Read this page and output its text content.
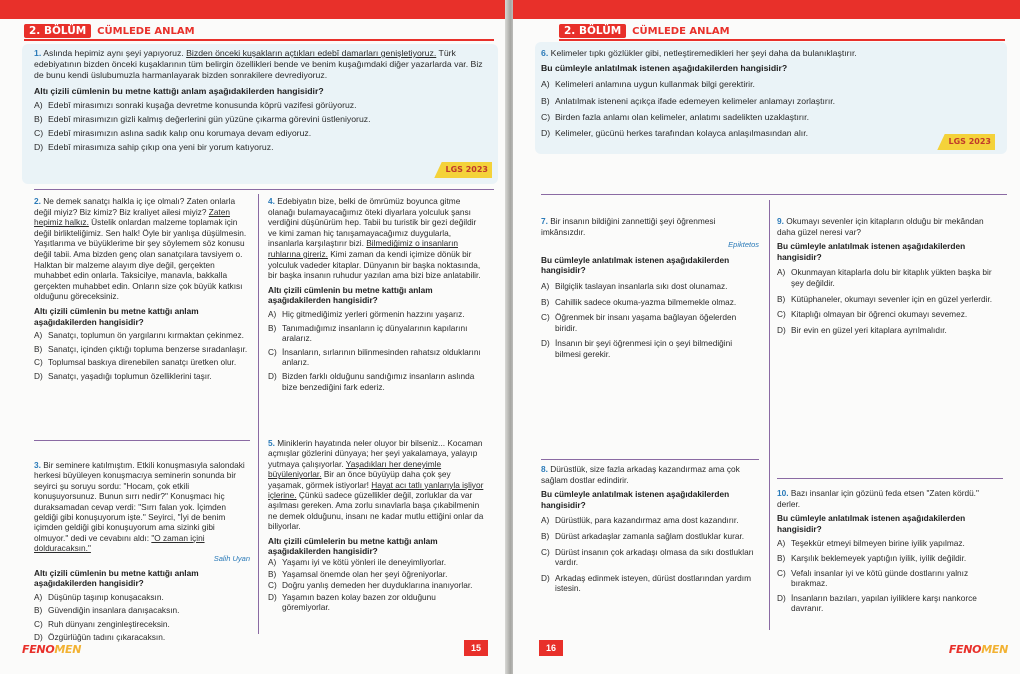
2. BÖLÜM	CÜMLEDE ANLAM
1. Aslında hepimiz aynı şeyi yapıyoruz. Bizden önceki kuşakların açtıkları edebî damarları genişletiyoruz. Türk edebiyatının bizden önceki kuşaklarının tüm belirgin özellikleri bende ve benim kuşağımdaki diğer yazarlarda var. Biz de bunu kendi üslubumuzla harmanlayarak bizden sonrakilere devrediyoruz.
Altı çizili cümlenin bu metne kattığı anlam aşağıdakilerden hangisidir?
A) Edebî mirasımızı sonraki kuşağa devretme konusunda köprü vazifesi görüyoruz.
B) Edebî mirasımızın gizli kalmış değerlerini gün yüzüne çıkarma görevini üstleniyoruz.
C) Edebî mirasımızın aslına sadık kalıp onu korumaya devam ediyoruz.
D) Edebî mirasımıza sahip çıkıp ona yeni bir yorum katıyoruz.
LGS 2023
2. Ne demek sanatçı halkla iç içe olmalı? Zaten onlarla değil miyiz? Biz kimiz? Biz kraliyet ailesi miyiz? Zaten hepimiz halkız. Üstelik onlardan malzeme toplamak için değil birlikteliğimiz. Sen halk! Öyle bir yanlışa düşülmesin. Yaşıtlarıma ve büyüklerime bir şey söylemem söz konusu değil tabii. Ama bizden genç olan sanatçılara tavsiyem o. Halktan bir malzeme alayım diye değil, gerçekten muhabbet edin onlarla. Taksicilye, manavla, bakkalla gerçekten muhabbet edin. Onların size çok büyük katkısı olduğunu göreceksiniz.
Altı çizili cümlenin bu metne kattığı anlam aşağıdakilerden hangisidir?
A) Sanatçı, toplumun ön yargılarını kırmaktan çekinmez.
B) Sanatçı, içinden çıktığı topluma benzerse sıradanlaşır.
C) Toplumsal baskıya direnebilen sanatçı üretken olur.
D) Sanatçı, yaşadığı toplumun özelliklerini taşır.
3. Bir seminere katılmıştım. Etkili konuşmasıyla salondaki herkesi büyüleyen konuşmacıya seminerin sonunda bir seyirci şu soruyu sordu: "Hocam, çok etkili konuşuyorsunuz. Bunun sırrı nedir?" Konuşmacı hiç duraksamadan cevap verdi: "Sırrı falan yok. İçimden geldiği gibi konuşuyorum işte." Seyirci, "İyi de benim içimden geldiği gibi konuşuyorum ama sizinki gibi olmuyor." dedi ve cevabını aldı: "O zaman içini dolduracaksın."
Salih Uyan
Altı çizili cümlenin bu metne kattığı anlam aşağıdakilerden hangisidir?
A) Düşünüp taşınıp konuşacaksın.
B) Güvendiğin insanlara danışacaksın.
C) Ruh dünyanı zenginleştireceksin.
D) Özgürlüğün tadını çıkaracaksın.
4. Edebiyatın bize, belki de ömrümüz boyunca gitme olanağı bulamayacağımız öteki diyarlara yolculuk şansı verdiğini düşünürüm hep. Tabii bu turistik bir gezi değildir ve kimi zaman hiç tanışamayacağımız duygularla, insanlarla karşılaştırır bizi. Bilmediğimiz o insanların ruhlarına gireriz. Kimi zaman da kendi içimize dönük bir yolculuk vadeder kitaplar. Dünyanın bir başka noktasında, bir başka insanın ruhudur yazılan ama bizi bize anlatabilir.
Altı çizili cümlenin bu metne kattığı anlam aşağıdakilerden hangisidir?
A) Hiç gitmediğimiz yerleri görmenin hazzını yaşarız.
B) Tanımadığımız insanların iç dünyalarının kapılarını aralarız.
C) İnsanların, sırlarının bilinmesinden rahatsız olduklarını anlarız.
D) Bizden farklı olduğunu sandığımız insanların aslında bize benzediğini fark ederiz.
5. Miniklerin hayatında neler oluyor bir bilseniz... Kocaman açmışlar gözlerini dünyaya; her şeyi yakalamaya, yalayıp yutmaya çalışıyorlar. Yaşadıkları her deneyimle büyüleniyorlar. Bir an önce büyüyüp daha çok şey yaşamak, görmek istiyorlar! Hayat acı tatlı yanlarıyla işliyor içlerine. Çünkü sadece güzellikler değil, zorluklar da var aşılması gereken. Ama zorlu sınavlarla başa çıkabilmenin ne demek olduğunu, insanı ne kadar mutlu ettiğini onlar da biliyorlar.
Altı çizili cümlelerin bu metne kattığı anlam aşağıdakilerden hangisidir?
A) Yaşamı iyi ve kötü yönleri ile deneyimliyorlar.
B) Yaşamsal önemde olan her şeyi öğreniyorlar.
C) Doğru yanlış demeden her duyduklarına inanıyorlar.
D) Yaşamın bazen kolay bazen zor olduğunu göremiyorlar.
FENOMEN	15
2. BÖLÜM	CÜMLEDE ANLAM
6. Kelimeler tıpkı gözlükler gibi, netleştiremedikleri her şeyi daha da bulanıklaştırır.
Bu cümleyle anlatılmak istenen aşağıdakilerden hangisidir?
A) Kelimeleri anlamına uygun kullanmak bilgi gerektirir.
B) Anlatılmak isteneni açıkça ifade edemeyen kelimeler anlamayı zorlaştırır.
C) Birden fazla anlamı olan kelimeler, anlatımı sadelikten uzaklaştırır.
D) Kelimeler, gücünü herkes tarafından kolayca anlaşılmasından alır.
LGS 2023
7. Bir insanın bildiğini zannettiği şeyi öğrenmesi imkânsızdır.
Epiktetos
Bu cümleyle anlatılmak istenen aşağıdakilerden hangisidir?
A) Bilgiçlik taslayan insanlarla sıkı dost olunamaz.
B) Cahillik sadece okuma-yazma bilmemekle olmaz.
C) Öğrenmek bir insanı yaşama bağlayan öğelerden biridir.
D) İnsanın bir şeyi öğrenmesi için o şeyi bilmediğini bilmesi gerekir.
8. Dürüstlük, size fazla arkadaş kazandırmaz ama çok sağlam dostlar edindirir.
Bu cümleyle anlatılmak istenen aşağıdakilerden hangisidir?
A) Dürüstlük, para kazandırmaz ama dost kazandırır.
B) Dürüst arkadaşlar zamanla sağlam dostluklar kurar.
C) Dürüst insanın çok arkadaşı olmasa da sıkı dostlukları vardır.
D) Arkadaş edinmek isteyen, dürüst dostlarından yardım istesin.
9. Okumayı sevenler için kitapların olduğu bir mekândan daha güzel neresi var?
Bu cümleyle anlatılmak istenen aşağıdakilerden hangisidir?
A) Okunmayan kitaplarla dolu bir kitaplık yükten başka bir şey değildir.
B) Kütüphaneler, okumayı sevenler için en güzel yerlerdir.
C) Kitaplığı olmayan bir öğrenci okumayı sevemez.
D) Bir evin en güzel yeri kitaplara ayrılmalıdır.
10. Bazı insanlar için gözünü feda etsen "Zaten kördü." derler.
Bu cümleyle anlatılmak istenen aşağıdakilerden hangisidir?
A) Teşekkür etmeyi bilmeyen birine iyilik yapılmaz.
B) Karşılık beklemeyek yaptığın iyilik, iyilik değildir.
C) Vefalı insanlar iyi ve kötü günde dostlarını yalnız bırakmaz.
D) İnsanların bazıları, yapılan iyiliklere karşı nankorce davranır.
16	FENOMEN
